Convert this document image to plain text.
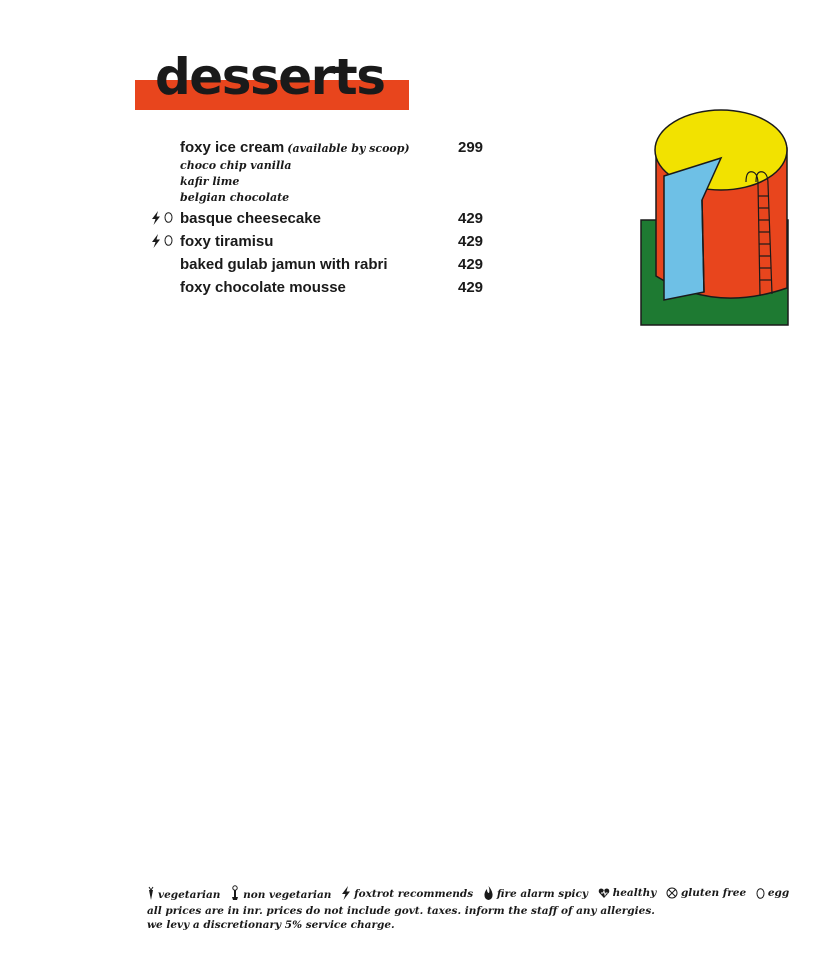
desserts
foxy ice cream (available by scoop)	299
choco chip vanilla
kafir lime
belgian chocolate
basque cheesecake	429
foxy tiramisu	429
baked gulab jamun with rabri	429
foxy chocolate mousse	429
vegetarian non vegetarian foxtrot recommends fire alarm spicy healthy gluten free egg
all prices are in inr. prices do not include govt. taxes. inform the staff of any allergies.
we levy a discretionary 5% service charge.
